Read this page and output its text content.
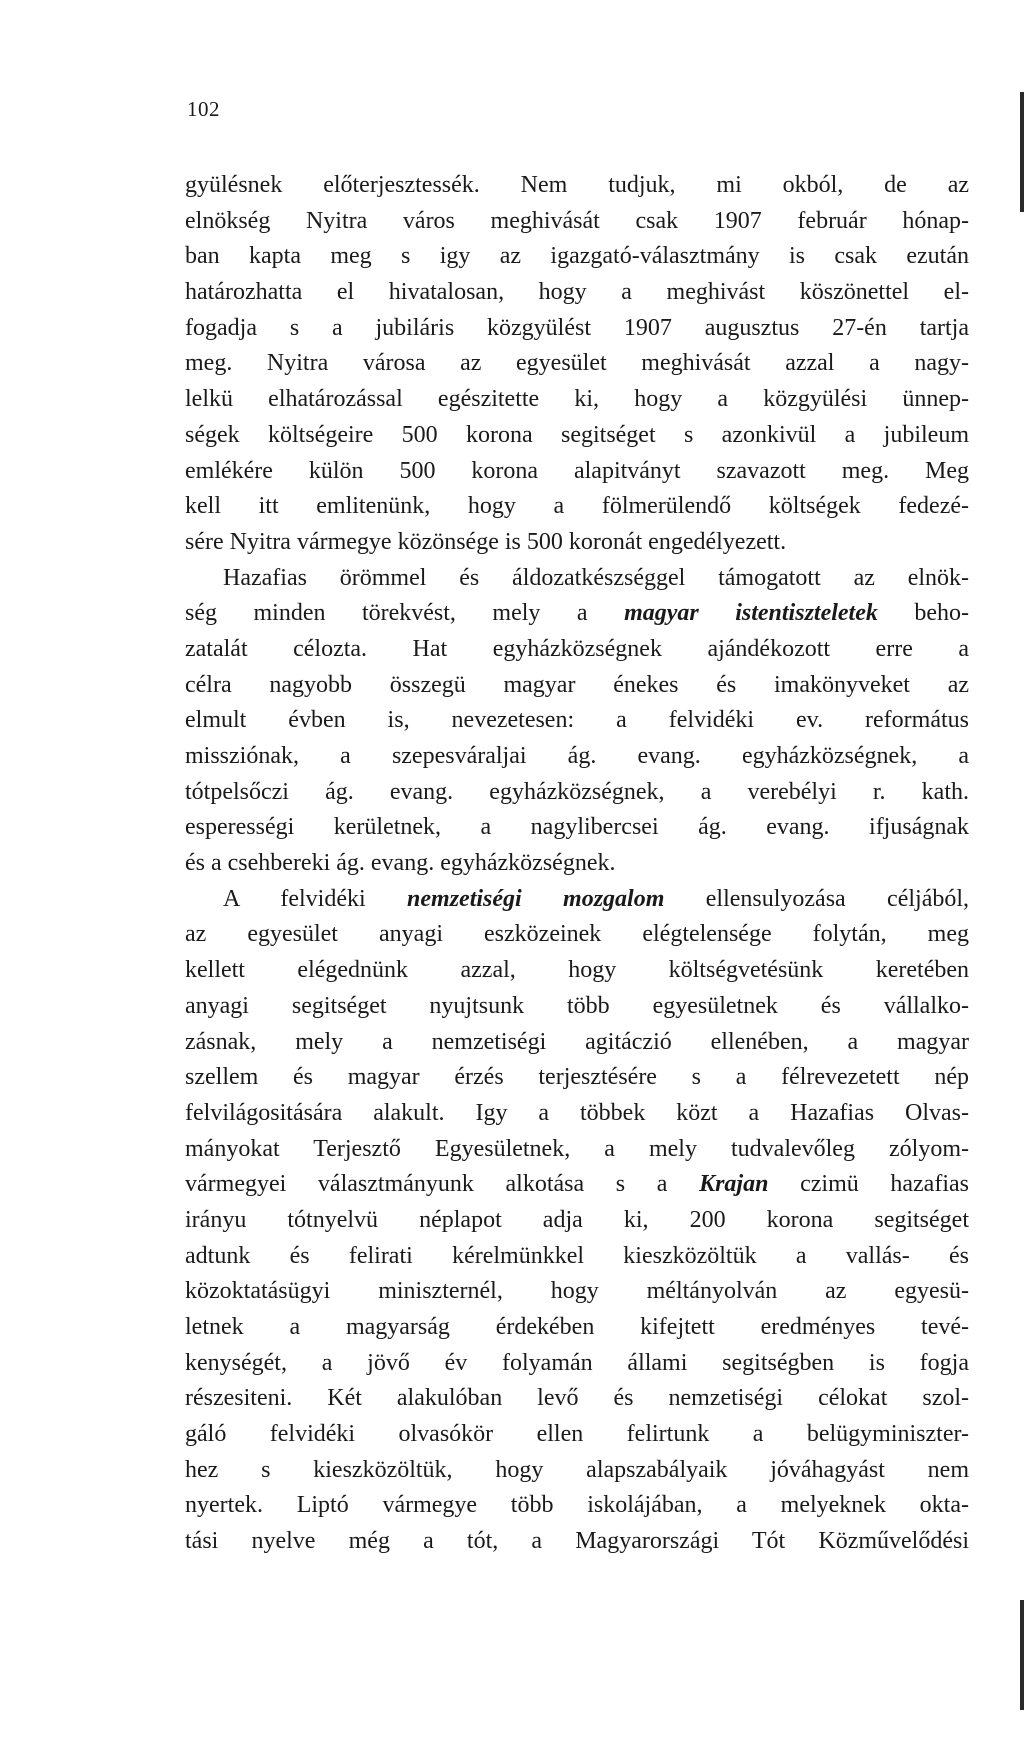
102
gyülésnek előterjesztessék. Nem tudjuk, mi okból, de az
elnökség Nyitra város meghivását csak 1907 február hónap-
ban kapta meg s igy az igazgató-választmány is csak ezután
határozhatta el hivatalosan, hogy a meghivást köszönettel el-
fogadja s a jubiláris közgyülést 1907 augusztus 27-én tartja
meg. Nyitra városa az egyesület meghivását azzal a nagy-
lelkü elhatározással egészitette ki, hogy a közgyülési ünnep-
ségek költségeire 500 korona segitséget s azonkivül a jubileum
emlékére külön 500 korona alapitványt szavazott meg. Meg
kell itt emlitenünk, hogy a fölmerülendő költségek fedezé-
sére Nyitra vármegye közönsége is 500 koronát engedélyezett.
Hazafias örömmel és áldozatkészséggel támogatott az elnök-
ség minden törekvést, mely a magyar istentiszteletek beho-
zatalát célozta. Hat egyházközségnek ajándékozott erre a
célra nagyobb összegü magyar énekes és imakönyveket az
elmult évben is, nevezetesen: a felvidéki ev. református
missziónak, a szepesváraljai ág. evang. egyházközségnek, a
tótpelsőczi ág. evang. egyházközségnek, a verebélyi r. kath.
esperességi kerületnek, a nagylibercsei ág. evang. ifjuságnak
és a csehbereki ág. evang. egyházközségnek.
A felvidéki nemzetiségi mozgalom ellensulyozása céljából,
az egyesület anyagi eszközeinek elégtelensége folytán, meg
kellett elégednünk azzal, hogy költségvetésünk keretében
anyagi segitséget nyujtsunk több egyesületnek és vállalko-
zásnak, mely a nemzetiségi agitáczió ellenében, a magyar
szellem és magyar érzés terjesztésére s a félrevezetett nép
felvilágositására alakult. Igy a többek közt a Hazafias Olvas-
mányokat Terjesztő Egyesületnek, a mely tudvalevőleg zólyom-
vármegyei választmányunk alkotása s a Krajan czimü hazafias
irányu tótnyelvü néplapot adja ki, 200 korona segitséget
adtunk és felirati kérelmünkkel kieszközöltük a vallás- és
közoktatásügyi miniszternél, hogy méltányolván az egyesü-
letnek a magyarság érdekében kifejtett eredményes tevé-
kenységét, a jövő év folyamán állami segitségben is fogja
részesiteni. Két alakulóban levő és nemzetiségi célokat szol-
gáló felvidéki olvasókör ellen felirtunk a belügyminiszter-
hez s kieszközöltük, hogy alapszabályaik jóváhagyást nem
nyertek. Liptó vármegye több iskolájában, a melyeknek okta-
tási nyelve még a tót, a Magyarországi Tót Közművelődési
